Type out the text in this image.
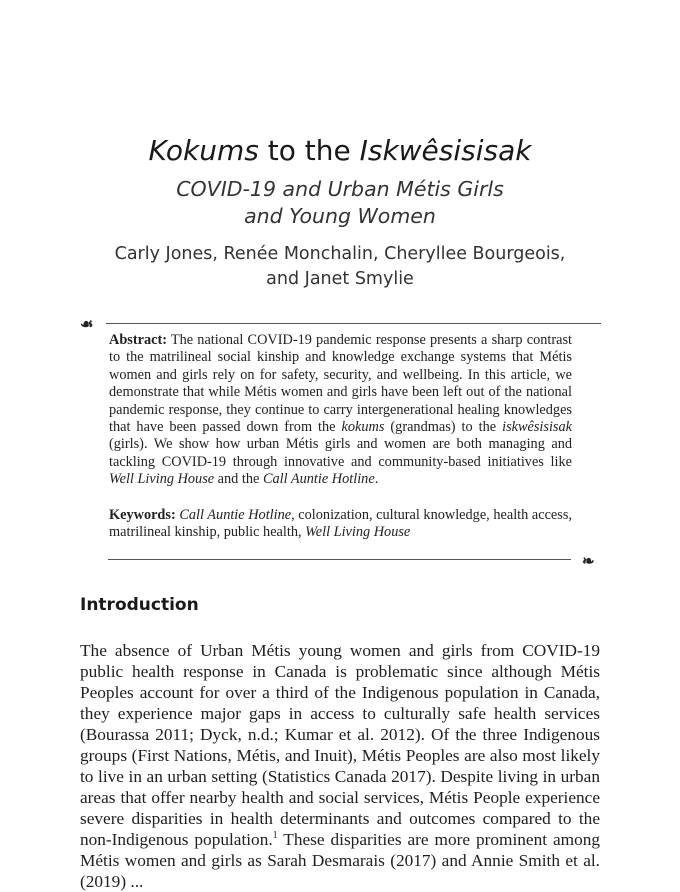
Kokums to the Iskwêsisisak

COVID-19 and Urban Métis Girls
and Young Women

Carly Jones, Renée Monchalin, Cheryllee Bourgeois,
and Janet Smylie

☙

Abstract: The national COVID-19 pandemic response presents a sharp contrast to the matrilineal social kinship and knowledge exchange systems that Métis women and girls rely on for safety, security, and wellbeing. In this article, we demonstrate that while Métis women and girls have been left out of the national pandemic response, they continue to carry intergenerational healing knowledges that have been passed down from the kokums (grandmas) to the iskwêsisisak (girls). We show how urban Métis girls and women are both managing and tackling COVID-19 through innovative and community-based initiatives like Well Living House and the Call Auntie Hotline.

Keywords: Call Auntie Hotline, colonization, cultural knowledge, health access, matrilineal kinship, public health, Well Living House

❧
Introduction

The absence of Urban Métis young women and girls from COVID-19 public health response in Canada is problematic since although Métis Peoples account for over a third of the Indigenous population in Canada, they experience major gaps in access to culturally safe health services (Bourassa 2011; Dyck, n.d.; Kumar et al. 2012). Of the three Indigenous groups (First Nations, Métis, and Inuit), Métis Peoples are also most likely to live in an urban setting (Statistics Canada 2017). Despite living in urban areas that offer nearby health and social services, Métis People experience severe disparities in health determinants and outcomes compared to the non-Indigenous population.$^1$ These disparities are more prominent among Métis women and girls as Sarah Desmarais (2017) and Annie Smith et al. (2019) ...
